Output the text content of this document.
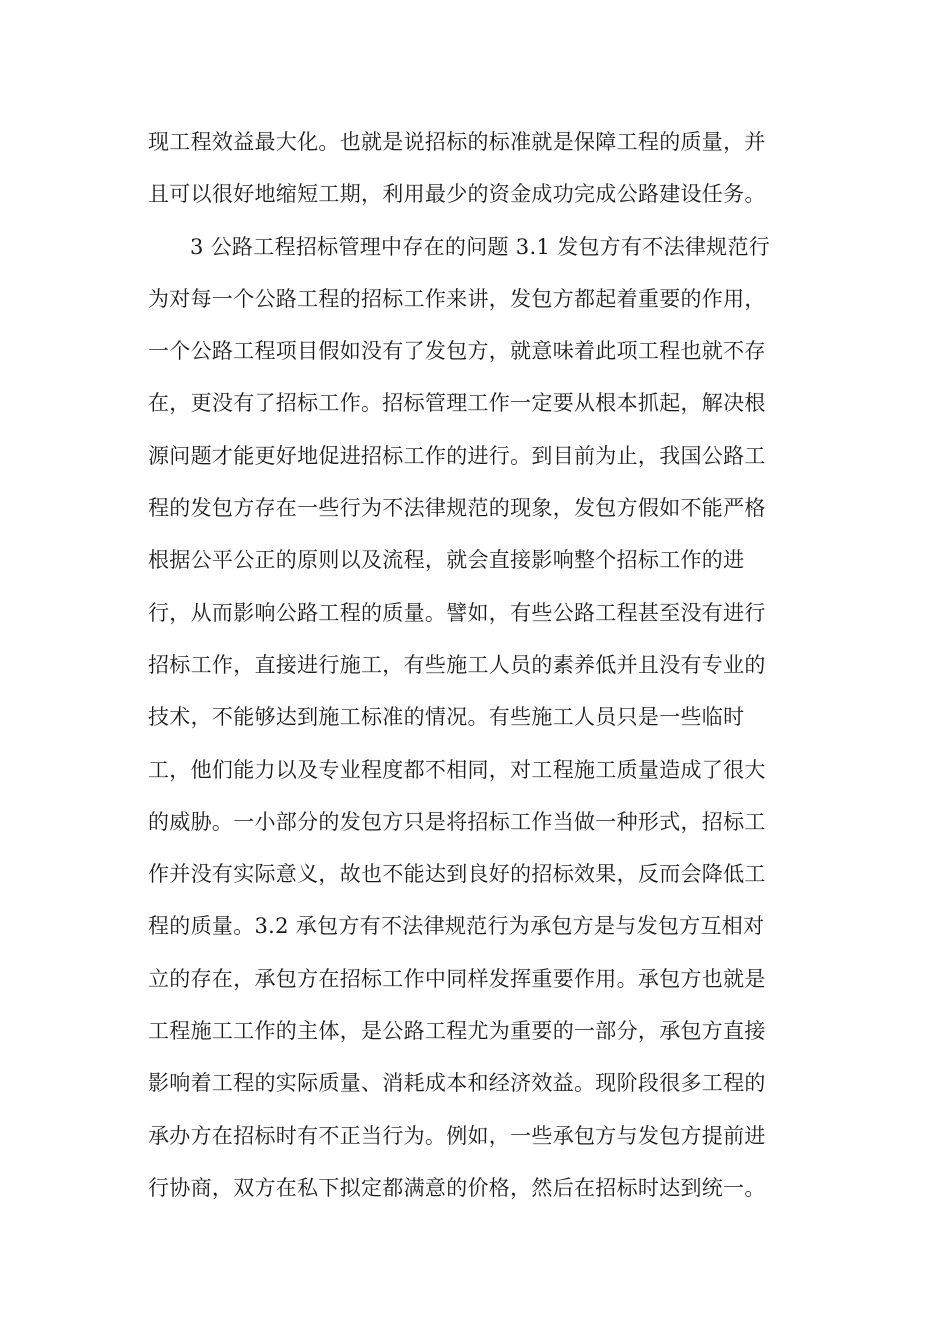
现工程效益最大化。也就是说招标的标准就是保障工程的质量，并
且可以很好地缩短工期，利用最少的资金成功完成公路建设任务。
3 公路工程招标管理中存在的问题 3.1 发包方有不法律规范行
为对每一个公路工程的招标工作来讲，发包方都起着重要的作用，
一个公路工程项目假如没有了发包方，就意味着此项工程也就不存
在，更没有了招标工作。招标管理工作一定要从根本抓起，解决根
源问题才能更好地促进招标工作的进行。到目前为止，我国公路工
程的发包方存在一些行为不法律规范的现象，发包方假如不能严格
根据公平公正的原则以及流程，就会直接影响整个招标工作的进
行，从而影响公路工程的质量。譬如，有些公路工程甚至没有进行
招标工作，直接进行施工，有些施工人员的素养低并且没有专业的
技术，不能够达到施工标准的情况。有些施工人员只是一些临时
工，他们能力以及专业程度都不相同，对工程施工质量造成了很大
的威胁。一小部分的发包方只是将招标工作当做一种形式，招标工
作并没有实际意义，故也不能达到良好的招标效果，反而会降低工
程的质量。3.2 承包方有不法律规范行为承包方是与发包方互相对
立的存在，承包方在招标工作中同样发挥重要作用。承包方也就是
工程施工工作的主体，是公路工程尤为重要的一部分，承包方直接
影响着工程的实际质量、消耗成本和经济效益。现阶段很多工程的
承办方在招标时有不正当行为。例如，一些承包方与发包方提前进
行协商，双方在私下拟定都满意的价格，然后在招标时达到统一。
